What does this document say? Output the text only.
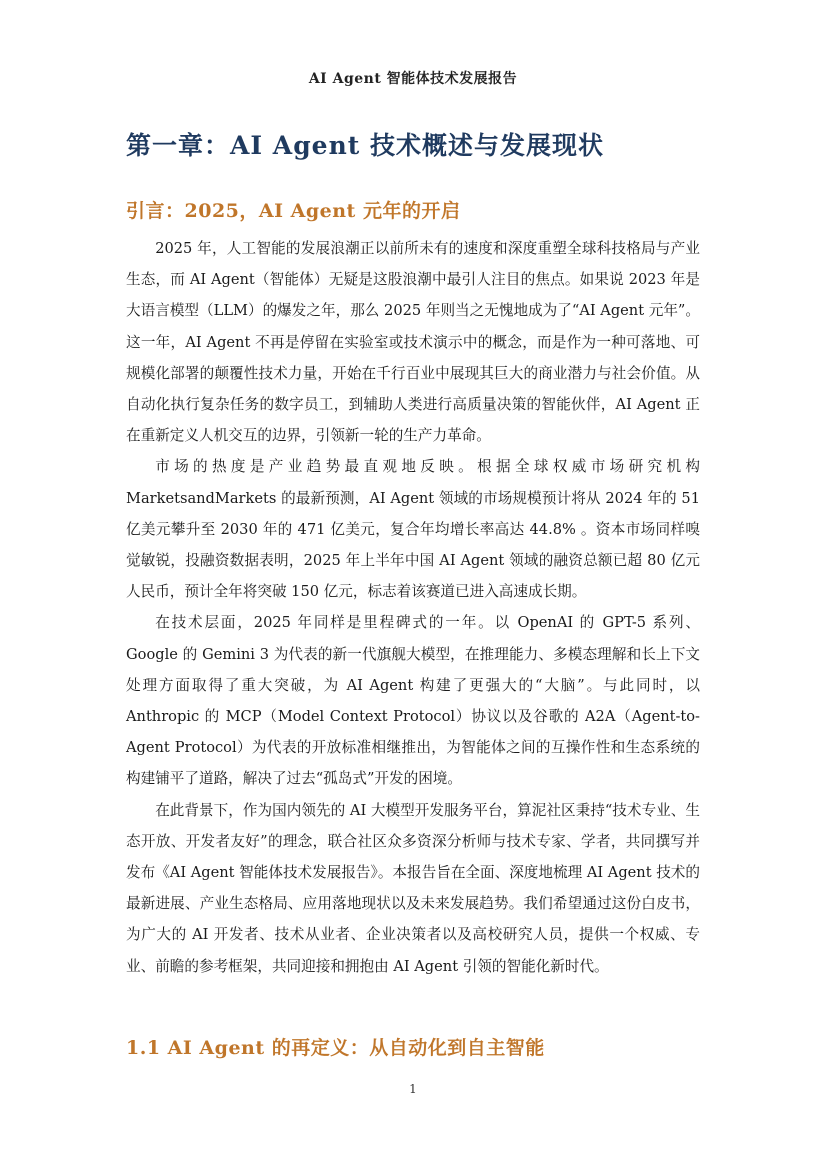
AI Agent 智能体技术发展报告
第一章：AI Agent 技术概述与发展现状
引言：2025，AI Agent 元年的开启

2025 年，人工智能的发展浪潮正以前所未有的速度和深度重塑全球科技格局与产业生态，而 AI Agent（智能体）无疑是这股浪潮中最引人注目的焦点。如果说 2023 年是大语言模型（LLM）的爆发之年，那么 2025 年则当之无愧地成为了“AI Agent 元年”。这一年，AI Agent 不再是停留在实验室或技术演示中的概念，而是作为一种可落地、可规模化部署的颠覆性技术力量，开始在千行百业中展现其巨大的商业潜力与社会价值。从自动化执行复杂任务的数字员工，到辅助人类进行高质量决策的智能伙伴，AI Agent 正在重新定义人机交互的边界，引领新一轮的生产力革命。

市场的热度是产业趋势最直观地反映。根据全球权威市场研究机构 MarketsandMarkets 的最新预测，AI Agent 领域的市场规模预计将从 2024 年的 51 亿美元攀升至 2030 年的 471 亿美元，复合年均增长率高达 44.8% 。资本市场同样嗅觉敏锐，投融资数据表明，2025 年上半年中国 AI Agent 领域的融资总额已超 80 亿元人民币，预计全年将突破 150 亿元，标志着该赛道已进入高速成长期。

在技术层面，2025 年同样是里程碑式的一年。以 OpenAI 的 GPT-5 系列、Google 的 Gemini 3 为代表的新一代旗舰大模型，在推理能力、多模态理解和长上下文处理方面取得了重大突破，为 AI Agent 构建了更强大的“大脑”。与此同时，以 Anthropic 的 MCP（Model Context Protocol）协议以及谷歌的 A2A（Agent-to-Agent Protocol）为代表的开放标准相继推出，为智能体之间的互操作性和生态系统的构建铺平了道路，解决了过去“孤岛式”开发的困境。

在此背景下，作为国内领先的 AI 大模型开发服务平台，算泥社区秉持“技术专业、生态开放、开发者友好”的理念，联合社区众多资深分析师与技术专家、学者，共同撰写并发布《AI Agent 智能体技术发展报告》。本报告旨在全面、深度地梳理 AI Agent 技术的最新进展、产业生态格局、应用落地现状以及未来发展趋势。我们希望通过这份白皮书，为广大的 AI 开发者、技术从业者、企业决策者以及高校研究人员，提供一个权威、专业、前瞻的参考框架，共同迎接和拥抱由 AI Agent 引领的智能化新时代。

1.1 AI Agent 的再定义：从自动化到自主智能
1
